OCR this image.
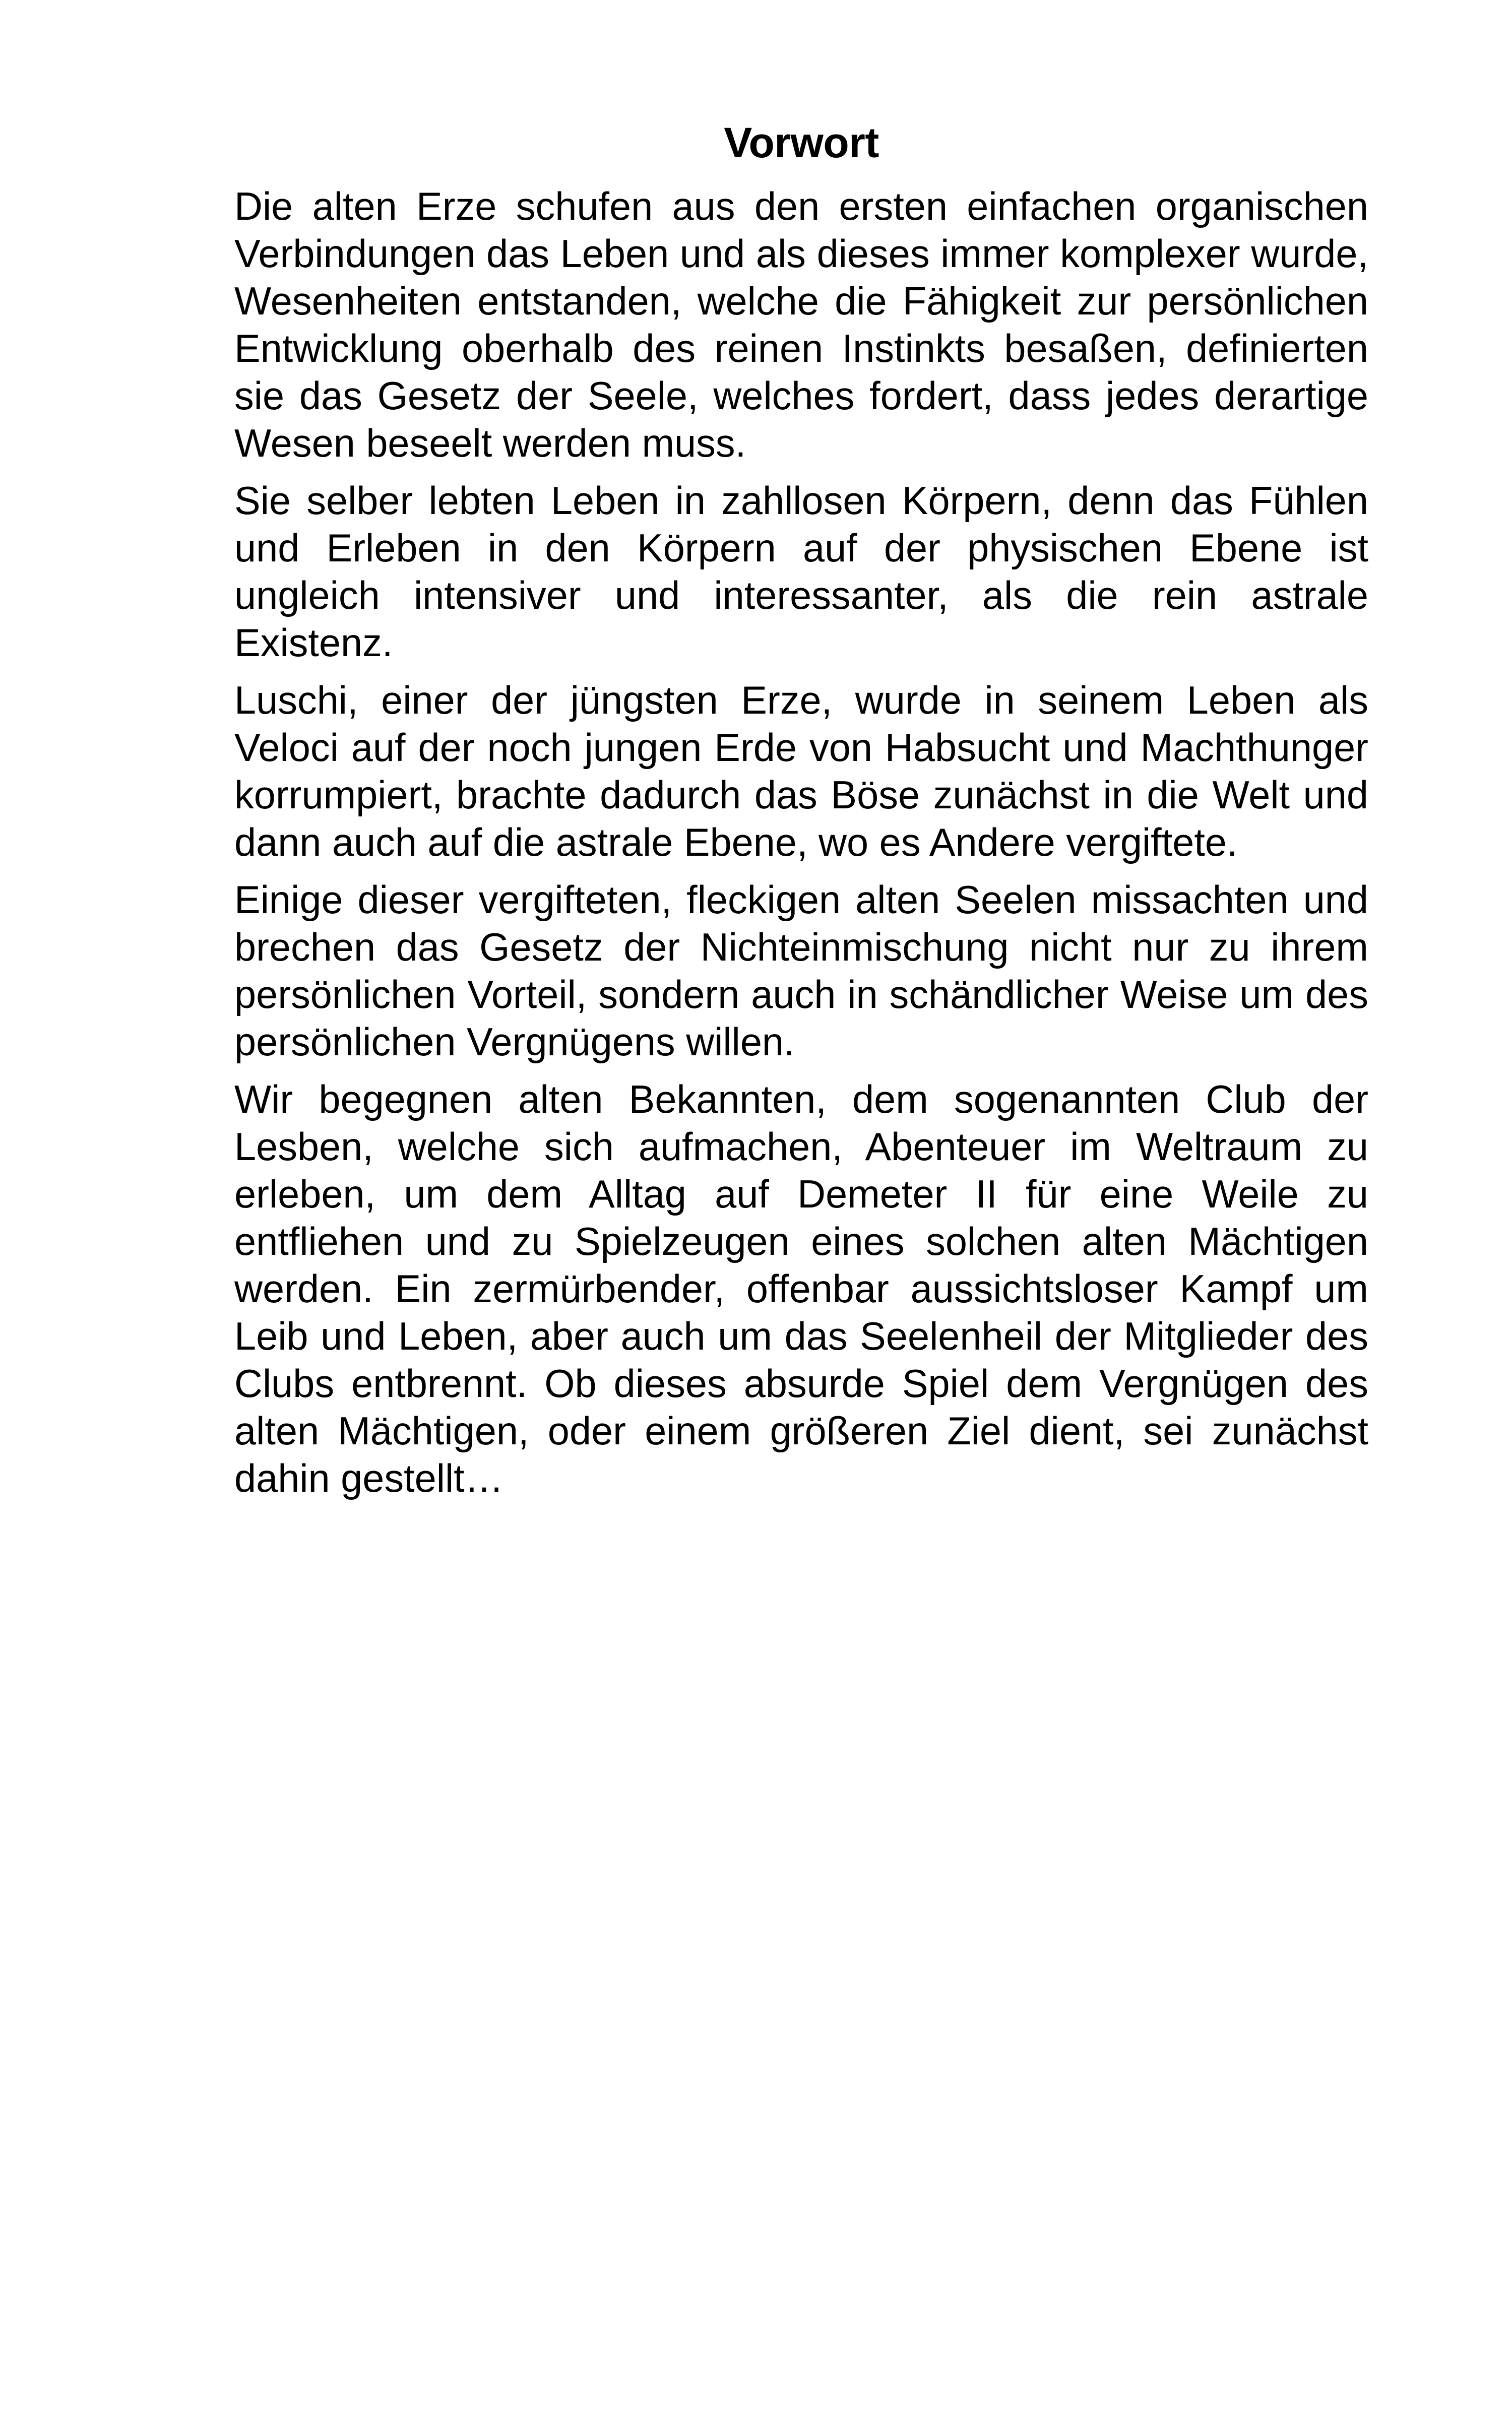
Vorwort

Die alten Erze schufen aus den ersten einfachen organischen Verbindungen das Leben und als dieses immer komplexer wurde, Wesenheiten entstanden, welche die Fähigkeit zur persönlichen Entwicklung oberhalb des reinen Instinkts besaßen, definierten sie das Gesetz der Seele, welches fordert, dass jedes derartige Wesen beseelt werden muss.

Sie selber lebten Leben in zahllosen Körpern, denn das Fühlen und Erleben in den Körpern auf der physischen Ebene ist ungleich intensiver und interessanter, als die rein astrale Existenz.

Luschi, einer der jüngsten Erze, wurde in seinem Leben als Veloci auf der noch jungen Erde von Habsucht und Machthunger korrumpiert, brachte dadurch das Böse zunächst in die Welt und dann auch auf die astrale Ebene, wo es Andere vergiftete.

Einige dieser vergifteten, fleckigen alten Seelen missachten und brechen das Gesetz der Nichteinmischung nicht nur zu ihrem persönlichen Vorteil, sondern auch in schändlicher Weise um des persönlichen Vergnügens willen.

Wir begegnen alten Bekannten, dem sogenannten Club der Lesben, welche sich aufmachen, Abenteuer im Weltraum zu erleben, um dem Alltag auf Demeter II für eine Weile zu entfliehen und zu Spielzeugen eines solchen alten Mächtigen werden. Ein zermürbender, offenbar aussichtsloser Kampf um Leib und Leben, aber auch um das Seelenheil der Mitglieder des Clubs entbrennt. Ob dieses absurde Spiel dem Vergnügen des alten Mächtigen, oder einem größeren Ziel dient, sei zunächst dahin gestellt…
